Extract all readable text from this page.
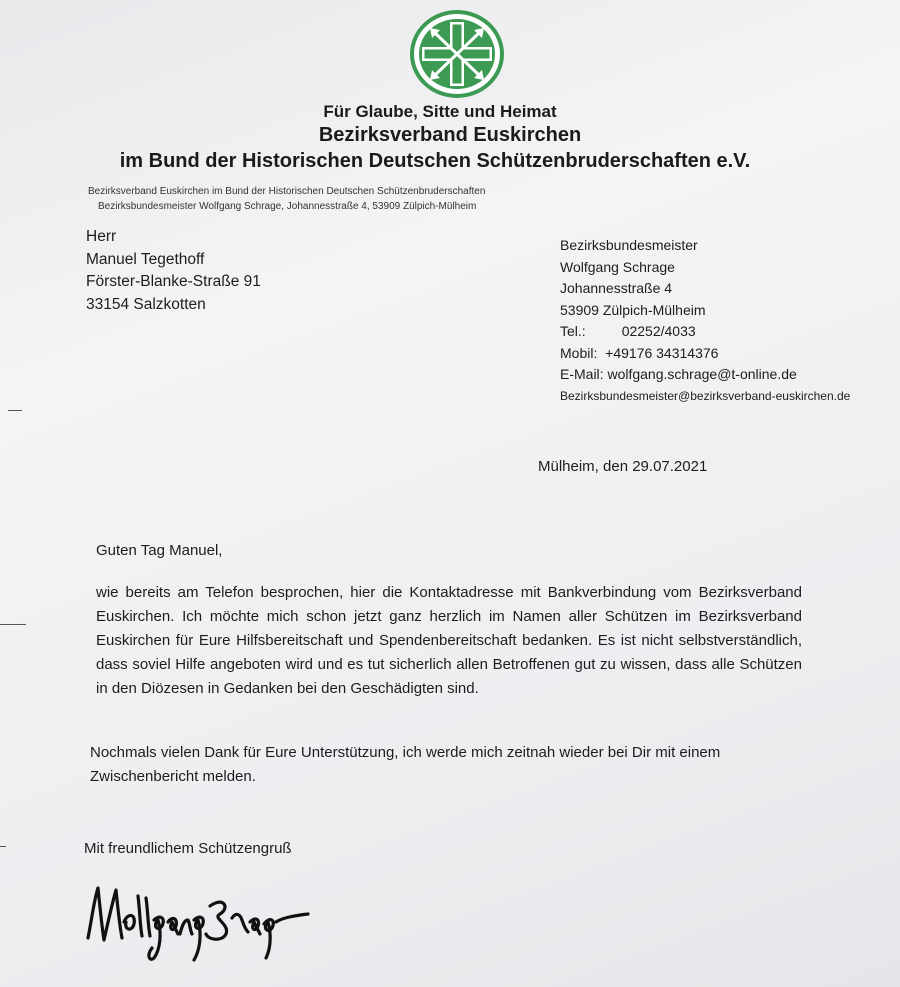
Für Glaube, Sitte und Heimat
Bezirksverband Euskirchen
im Bund der Historischen Deutschen Schützenbruderschaften e.V.
Bezirksverband Euskirchen im Bund der Historischen Deutschen Schützenbruderschaften
Bezirksbundesmeister Wolfgang Schrage, Johannesstraße 4, 53909 Zülpich-Mülheim
Herr
Manuel Tegethoff
Förster-Blanke-Straße 91
33154 Salzkotten
Bezirksbundesmeister
Wolfgang Schrage
Johannesstraße 4
53909 Zülpich-Mülheim
Tel.:	02252/4033
Mobil: +49176 34314376
E-Mail: wolfgang.schrage@t-online.de
Bezirksbundesmeister@bezirksverband-euskirchen.de
Mülheim, den 29.07.2021
Guten Tag Manuel,
wie bereits am Telefon besprochen, hier die Kontaktadresse mit Bankverbindung vom Bezirksverband Euskirchen. Ich möchte mich schon jetzt ganz herzlich im Namen aller Schützen im Bezirksverband Euskirchen für Eure Hilfsbereitschaft und Spendenbereitschaft bedanken. Es ist nicht selbstverständlich, dass soviel Hilfe angeboten wird und es tut sicherlich allen Betroffenen gut zu wissen, dass alle Schützen in den Diözesen in Gedanken bei den Geschädigten sind.
Nochmals vielen Dank für Eure Unterstützung, ich werde mich zeitnah wieder bei Dir mit einem Zwischenbericht melden.
Mit freundlichem Schützengruß
